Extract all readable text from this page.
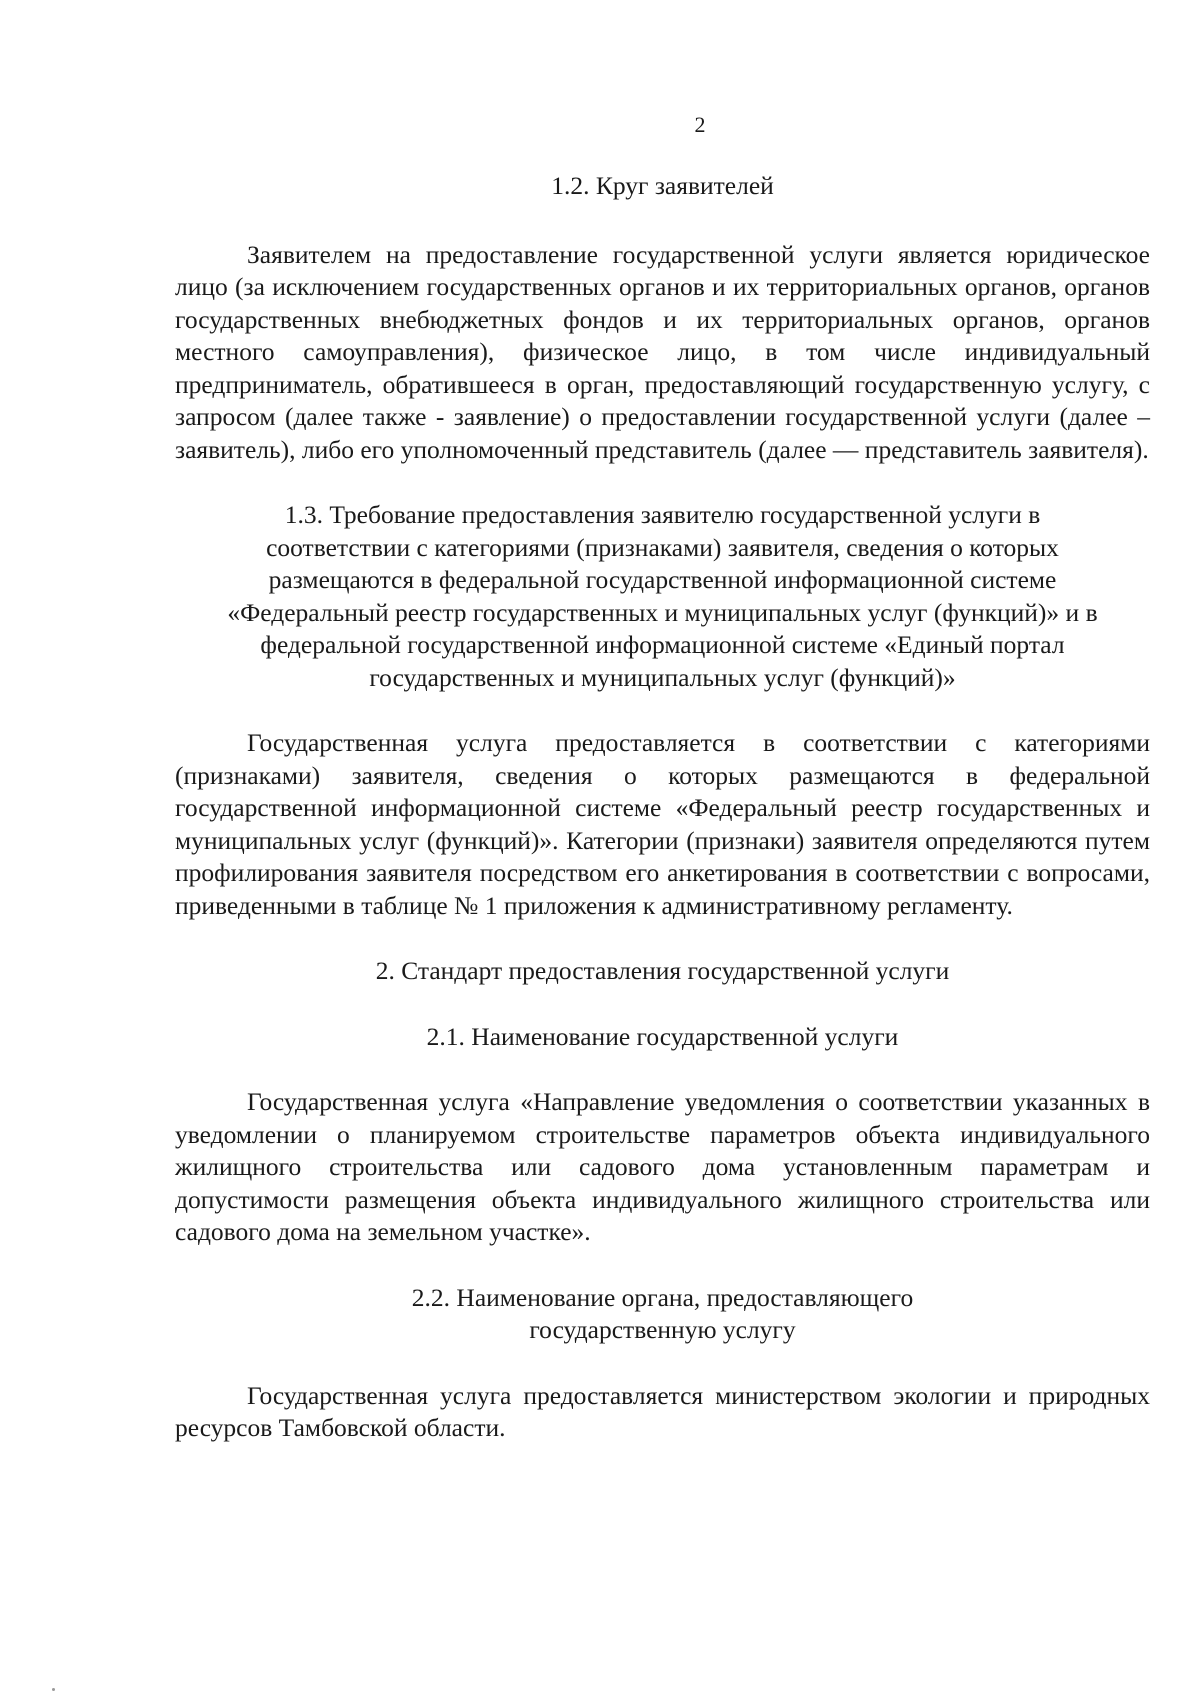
2

1.2. Круг заявителей

Заявителем на предоставление государственной услуги является юридическое лицо (за исключением государственных органов и их территориальных органов, органов государственных внебюджетных фондов и их территориальных органов, органов местного самоуправления), физическое лицо, в том числе индивидуальный предприниматель, обратившееся в орган, предоставляющий государственную услугу, с запросом (далее также - заявление) о предоставлении государственной услуги (далее – заявитель), либо его уполномоченный представитель (далее — представитель заявителя).

1.3. Требование предоставления заявителю государственной услуги в

соответствии с категориями (признаками) заявителя, сведения о которых

размещаются в федеральной государственной информационной системе

«Федеральный реестр государственных и муниципальных услуг (функций)» и в

федеральной государственной информационной системе «Единый портал

государственных и муниципальных услуг (функций)»

Государственная услуга предоставляется в соответствии с категориями (признаками) заявителя, сведения о которых размещаются в федеральной государственной информационной системе «Федеральный реестр государственных и муниципальных услуг (функций)». Категории (признаки) заявителя определяются путем профилирования заявителя посредством его анкетирования в соответствии с вопросами, приведенными в таблице № 1 приложения к административному регламенту.

2. Стандарт предоставления государственной услуги

2.1. Наименование государственной услуги

Государственная услуга «Направление уведомления о соответствии указанных в уведомлении о планируемом строительстве параметров объекта индивидуального жилищного строительства или садового дома установленным параметрам и допустимости размещения объекта индивидуального жилищного строительства или садового дома на земельном участке».

2.2. Наименование органа, предоставляющего

государственную услугу

Государственная услуга предоставляется министерством экологии и природных ресурсов Тамбовской области.
